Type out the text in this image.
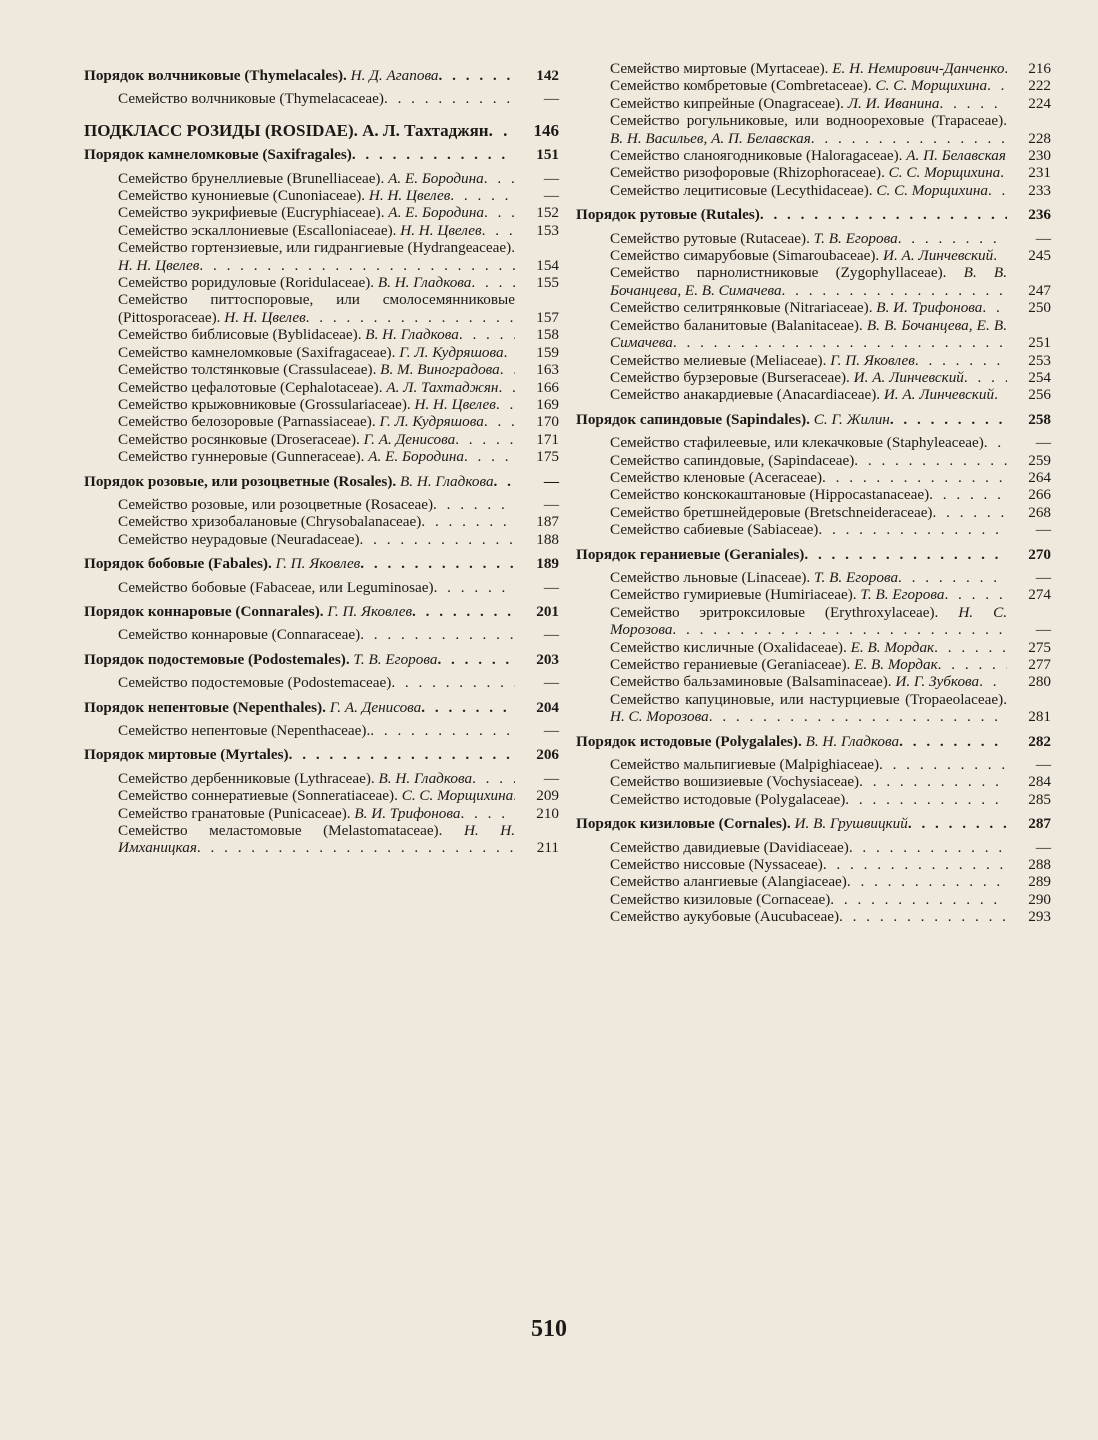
Порядок волчниковые (Thymelacales). Н. Д. Агапова	142
Семейство волчниковые (Thymelacaceae)	—
ПОДКЛАСС РОЗИДЫ (ROSIDAE). А. Л. Тахтаджян	146
Порядок камнеломковые (Saxifragales)	151
Семейство брунеллиевые (Brunelliaceae). А. Е. Бородина	—
Семейство кунониевые (Cunoniaceae). Н. Н. Цвелев	—
Семейство эукрифиевые (Eucryphiaceae). А. Е. Бородина	152
Семейство эскаллониевые (Escalloniaceae). Н. Н. Цвелев	153
Семейство гортензиевые, или гидрангиевые (Hydrangeaceae). Н. Н. Цвелев	154
Семейство роридуловые (Roridulaceae). В. Н. Гладкова	155
Семейство питтоспоровые, или смолосемянниковые (Pittosporaceae). Н. Н. Цвелев	157
Семейство библисовые (Byblidaceae). В. Н. Гладкова	158
Семейство камнеломковые (Saxifragaceae). Г. Л. Кудряшова	159
Семейство толстянковые (Crassulaceae). В. М. Виноградова	163
Семейство цефалотовые (Cephalotaceae). А. Л. Тахтаджян	166
Семейство крыжовниковые (Grossulariaceae). Н. Н. Цвелев	169
Семейство белозоровые (Parnassiaceae). Г. Л. Кудряшова	170
Семейство росянковые (Droseraceae). Г. А. Денисова	171
Семейство гуннеровые (Gunneraceae). А. Е. Бородина	175
Порядок розовые, или розоцветные (Rosales). В. Н. Гладкова	—
Семейство розовые, или розоцветные (Rosaceae)	—
Семейство хризобалановые (Chrysobalanaceae)	187
Семейство неурадовые (Neuradaceae)	188
Порядок бобовые (Fabales). Г. П. Яковлев	189
Семейство бобовые (Fabaceae, или Leguminosae)	—
Порядок коннаровые (Connarales). Г. П. Яковлев	201
Семейство коннаровые (Connaraceae)	—
Порядок подостемовые (Podostemales). Т. В. Егорова	203
Семейство подостемовые (Podostemaceae)	—
Порядок непентовые (Nepenthales). Г. А. Денисова	204
Семейство непентовые (Nepenthaceae).	—
Порядок миртовые (Myrtales)	206
Семейство дербенниковые (Lythraceae). В. Н. Гладкова	—
Семейство соннератиевые (Sonneratiaceae). С. С. Морщихина	209
Семейство гранатовые (Punicaceae). В. И. Трифонова	210
Семейство меластомовые (Melastomataceae). Н. Н. Имханицкая	211
Семейство миртовые (Myrtaceae). Е. Н. Немирович-Данченко	216
Семейство комбретовые (Combretaceae). С. С. Морщихина	222
Семейство кипрейные (Onagraceae). Л. И. Иванина	224
Семейство рогульниковые, или водноореховые (Trapaceae). В. Н. Васильев, А. П. Белавская	228
Семейство сланоягодниковые (Haloragaceae). А. П. Белавская	230
Семейство ризофоровые (Rhizophoraceae). С. С. Морщихина	231
Семейство лецитисовые (Lecythidaceae). С. С. Морщихина	233
Порядок рутовые (Rutales)	236
Семейство рутовые (Rutaceae). Т. В. Егорова	—
Семейство симарубовые (Simaroubaceae). И. А. Линчевский	245
Семейство парнолистниковые (Zygophyllaceae). В. В. Бочанцева, Е. В. Симачева	247
Семейство селитрянковые (Nitrariaceae). В. И. Трифонова	250
Семейство баланитовые (Balanitaceae). В. В. Бочанцева, Е. В. Симачева	251
Семейство мелиевые (Meliaceae). Г. П. Яковлев	253
Семейство бурзеровые (Burseraceae). И. А. Линчевский	254
Семейство анакардиевые (Anacardiaceae). И. А. Линчевский	256
Порядок сапиндовые (Sapindales). С. Г. Жилин	258
Семейство стафилеевые, или клекачковые (Staphyleaceae)	—
Семейство сапиндовые, (Sapindaceae)	259
Семейство кленовые (Aceraceae)	264
Семейство конскокаштановые (Hippocastanaceae)	266
Семейство бретшнейдеровые (Bretschneideraceae)	268
Семейство сабиевые (Sabiaceae)	—
Порядок гераниевые (Geraniales)	270
Семейство льновые (Linaceae). Т. В. Егорова	—
Семейство гумириевые (Humiriaceae). Т. В. Егорова	274
Семейство эритроксиловые (Erythroxylaceae). Н. С. Морозова	—
Семейство кисличные (Oxalidaceae). Е. В. Мордак	275
Семейство гераниевые (Geraniaceae). Е. В. Мордак	277
Семейство бальзаминовые (Balsaminaceae). И. Г. Зубкова	280
Семейство капуциновые, или настурциевые (Tropaeolaceae). Н. С. Морозова	281
Порядок истодовые (Polygalales). В. Н. Гладкова	282
Семейство мальпигиевые (Malpighiaceae)	—
Семейство вошизиевые (Vochysiaceae)	284
Семейство истодовые (Polygalaceae)	285
Порядок кизиловые (Cornales). И. В. Грушвицкий	287
Семейство давидиевые (Davidiaceae)	—
Семейство ниссовые (Nyssaceae)	288
Семейство алангиевые (Alangiaceae)	289
Семейство кизиловые (Cornaceae)	290
Семейство аукубовые (Aucubaceae)	293
510
